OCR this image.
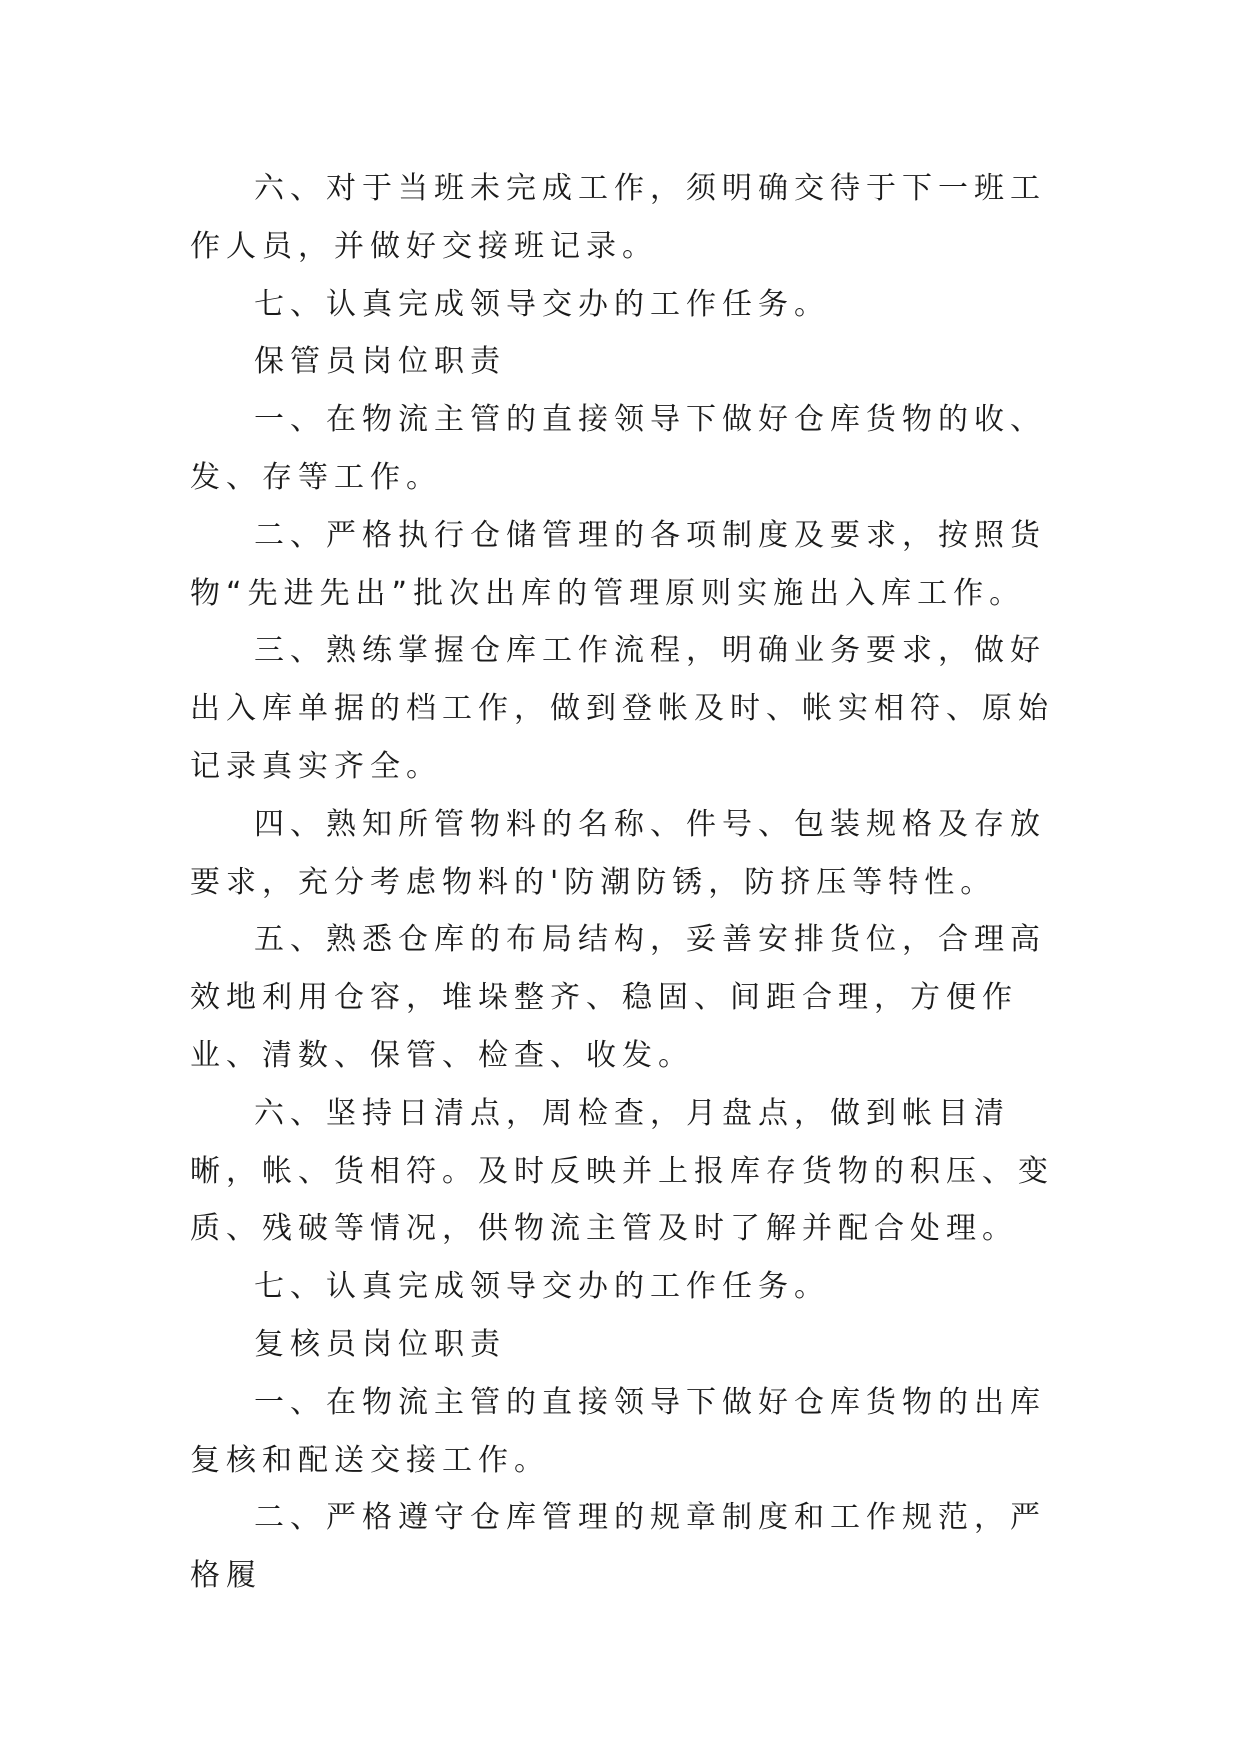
六、对于当班未完成工作，须明确交待于下一班工作人员，并做好交接班记录。

七、认真完成领导交办的工作任务。

保管员岗位职责

一、在物流主管的直接领导下做好仓库货物的收、发、存等工作。

二、严格执行仓储管理的各项制度及要求，按照货物“先进先出”批次出库的管理原则实施出入库工作。

三、熟练掌握仓库工作流程，明确业务要求，做好出入库单据的档工作，做到登帐及时、帐实相符、原始记录真实齐全。

四、熟知所管物料的名称、件号、包装规格及存放要求，充分考虑物料的'防潮防锈，防挤压等特性。

五、熟悉仓库的布局结构，妥善安排货位，合理高效地利用仓容，堆垛整齐、稳固、间距合理，方便作业、清数、保管、检查、收发。

六、坚持日清点，周检查，月盘点，做到帐目清晰，帐、货相符。及时反映并上报库存货物的积压、变质、残破等情况，供物流主管及时了解并配合处理。

七、认真完成领导交办的工作任务。

复核员岗位职责

一、在物流主管的直接领导下做好仓库货物的出库复核和配送交接工作。

二、严格遵守仓库管理的规章制度和工作规范，严格履
